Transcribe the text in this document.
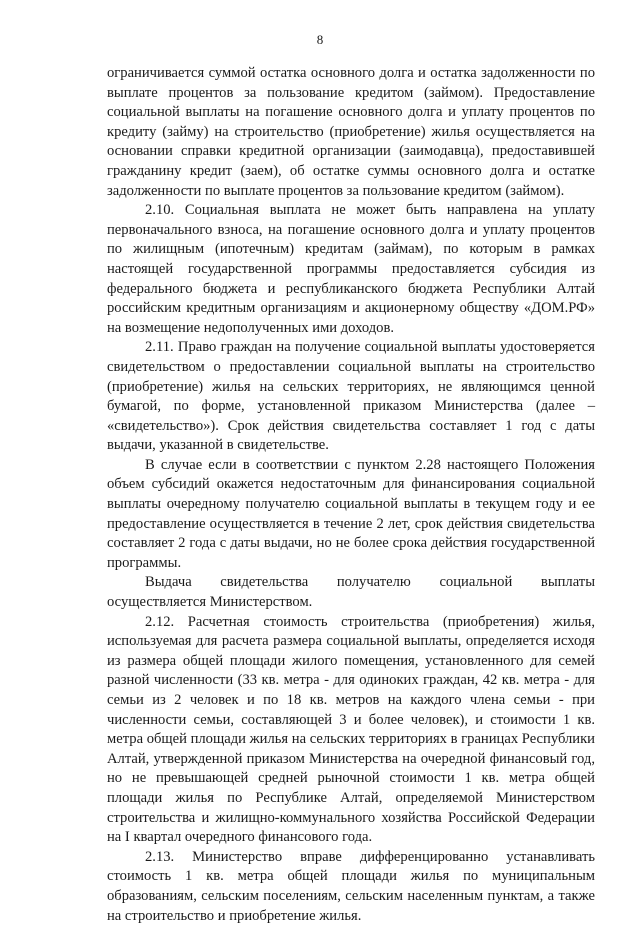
8

ограничивается суммой остатка основного долга и остатка задолженности по выплате процентов за пользование кредитом (займом). Предоставление социальной выплаты на погашение основного долга и уплату процентов по кредиту (займу) на строительство (приобретение) жилья осуществляется на основании справки кредитной организации (заимодавца), предоставившей гражданину кредит (заем), об остатке суммы основного долга и остатке задолженности по выплате процентов за пользование кредитом (займом).

2.10. Социальная выплата не может быть направлена на уплату первоначального взноса, на погашение основного долга и уплату процентов по жилищным (ипотечным) кредитам (займам), по которым в рамках настоящей государственной программы предоставляется субсидия из федерального бюджета и республиканского бюджета Республики Алтай российским кредитным организациям и акционерному обществу «ДОМ.РФ» на возмещение недополученных ими доходов.

2.11. Право граждан на получение социальной выплаты удостоверяется свидетельством о предоставлении социальной выплаты на строительство (приобретение) жилья на сельских территориях, не являющимся ценной бумагой, по форме, установленной приказом Министерства (далее – «свидетельство»). Срок действия свидетельства составляет 1 год с даты выдачи, указанной в свидетельстве.

В случае если в соответствии с пунктом 2.28 настоящего Положения объем субсидий окажется недостаточным для финансирования социальной выплаты очередному получателю социальной выплаты в текущем году и ее предоставление осуществляется в течение 2 лет, срок действия свидетельства составляет 2 года с даты выдачи, но не более срока действия государственной программы.

Выдача свидетельства получателю социальной выплаты осуществляется Министерством.

2.12. Расчетная стоимость строительства (приобретения) жилья, используемая для расчета размера социальной выплаты, определяется исходя из размера общей площади жилого помещения, установленного для семей разной численности (33 кв. метра - для одиноких граждан, 42 кв. метра - для семьи из 2 человек и по 18 кв. метров на каждого члена семьи - при численности семьи, составляющей 3 и более человек), и стоимости 1 кв. метра общей площади жилья на сельских территориях в границах Республики Алтай, утвержденной приказом Министерства на очередной финансовый год, но не превышающей средней рыночной стоимости 1 кв. метра общей площади жилья по Республике Алтай, определяемой Министерством строительства и жилищно-коммунального хозяйства Российской Федерации на I квартал очередного финансового года.

2.13. Министерство вправе дифференцированно устанавливать стоимость 1 кв. метра общей площади жилья по муниципальным образованиям, сельским поселениям, сельским населенным пунктам, а также на строительство и приобретение жилья.
